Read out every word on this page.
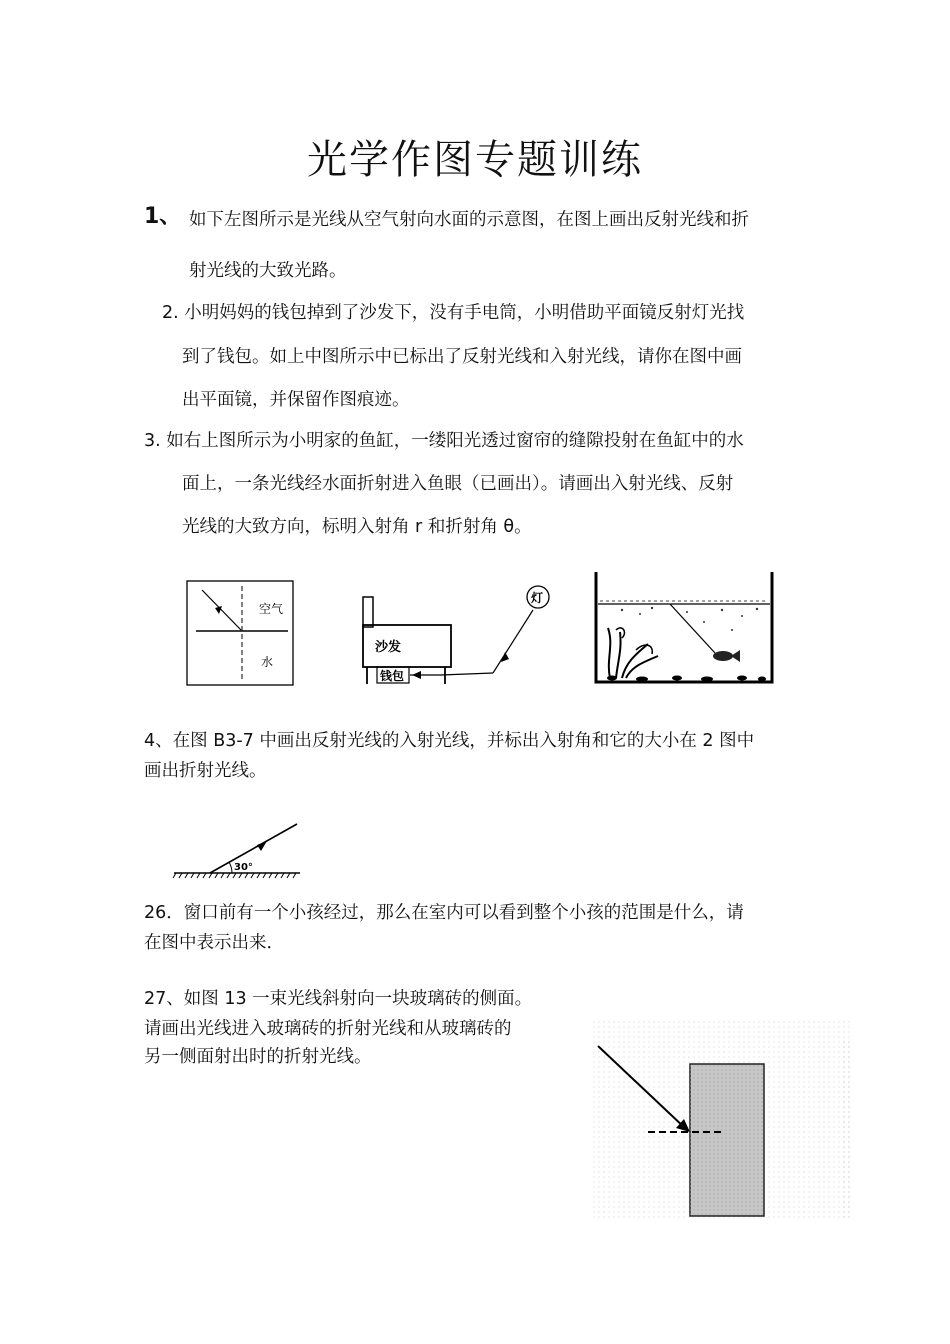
光学作图专题训练
1、 如下左图所示是光线从空气射向水面的示意图，在图上画出反射光线和折
射光线的大致光路。
2. 小明妈妈的钱包掉到了沙发下，没有手电筒，小明借助平面镜反射灯光找
到了钱包。如上中图所示中已标出了反射光线和入射光线，请你在图中画
出平面镜，并保留作图痕迹。
3. 如右上图所示为小明家的鱼缸，一缕阳光透过窗帘的缝隙投射在鱼缸中的水
面上，一条光线经水面折射进入鱼眼（已画出）。请画出入射光线、反射
光线的大致方向，标明入射角 r 和折射角 θ。
空气
水
沙发
钱包
灯
4、在图 B3-7 中画出反射光线的入射光线，并标出入射角和它的大小在 2 图中
画出折射光线。
30°
26．窗口前有一个小孩经过，那么在室内可以看到整个小孩的范围是什么，请
在图中表示出来．
27、如图 13 一束光线斜射向一块玻璃砖的侧面。
请画出光线进入玻璃砖的折射光线和从玻璃砖的
另一侧面射出时的折射光线。
